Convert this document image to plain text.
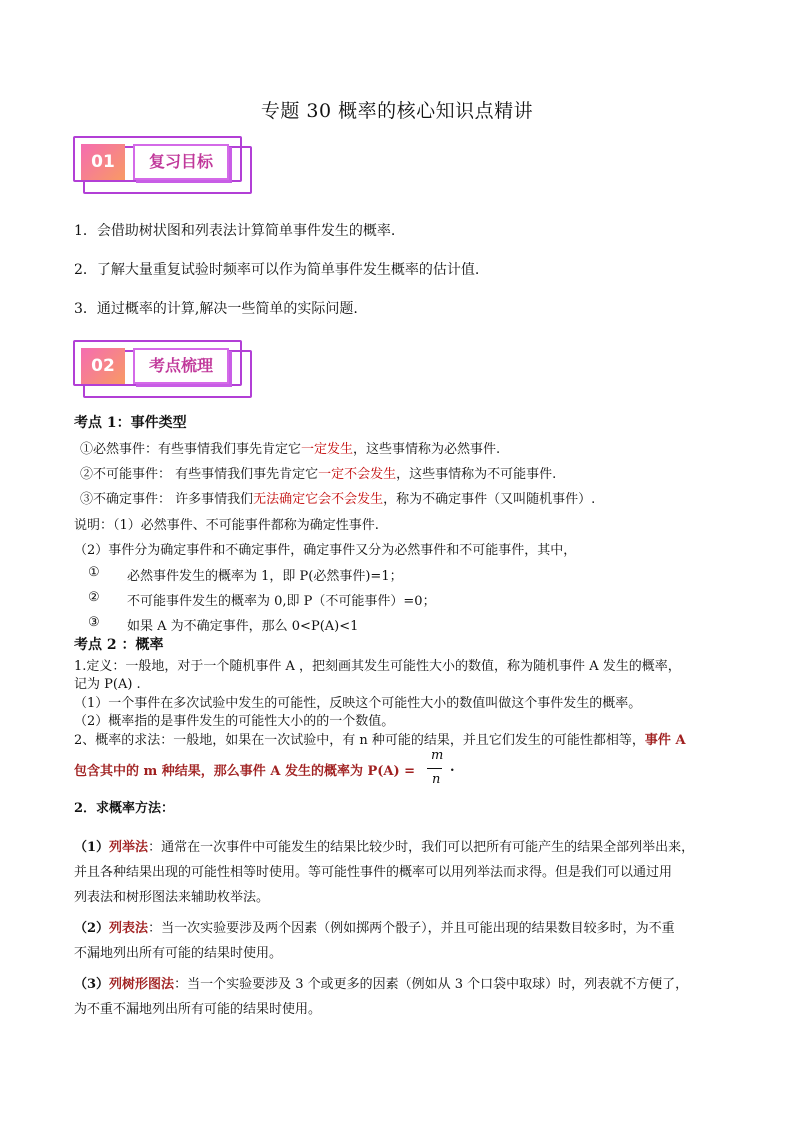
专题 30 概率的核心知识点精讲
01	复习目标
1．会借助树状图和列表法计算简单事件发生的概率.
2．了解大量重复试验时频率可以作为简单事件发生概率的估计值.
3．通过概率的计算,解决一些简单的实际问题.
02	考点梳理
考点 1：事件类型
①必然事件：有些事情我们事先肯定它一定发生，这些事情称为必然事件.
②不可能事件： 有些事情我们事先肯定它一定不会发生，这些事情称为不可能事件.
③不确定事件： 许多事情我们无法确定它会不会发生，称为不确定事件（又叫随机事件）.
说明：（1）必然事件、不可能事件都称为确定性事件.
（2）事件分为确定事件和不确定事件，确定事件又分为必然事件和不可能事件，其中，
① 必然事件发生的概率为 1，即 P(必然事件)=1；
② 不可能事件发生的概率为 0,即 P（不可能事件）=0；
③ 如果 A 为不确定事件，那么 0<P(A)<1
考点 2 ：概率
1.定义：一般地，对于一个随机事件 A ，把刻画其发生可能性大小的数值，称为随机事件 A 发生的概率，
记为 P(A) .
（1）一个事件在多次试验中发生的可能性，反映这个可能性大小的数值叫做这个事件发生的概率。
（2）概率指的是事件发生的可能性大小的的一个数值。
2、概率的求法：一般地，如果在一次试验中，有 n 种可能的结果，并且它们发生的可能性都相等，事件 A
包含其中的 m 种结果，那么事件 A 发生的概率为 P(A) =
m
n
.
2．求概率方法：
（1）列举法：通常在一次事件中可能发生的结果比较少时，我们可以把所有可能产生的结果全部列举出来，
并且各种结果出现的可能性相等时使用。等可能性事件的概率可以用列举法而求得。但是我们可以通过用
列表法和树形图法来辅助枚举法。
（2）列表法：当一次实验要涉及两个因素（例如掷两个骰子），并且可能出现的结果数目较多时，为不重
不漏地列出所有可能的结果时使用。
（3）列树形图法：当一个实验要涉及 3 个或更多的因素（例如从 3 个口袋中取球）时，列表就不方便了，
为不重不漏地列出所有可能的结果时使用。
